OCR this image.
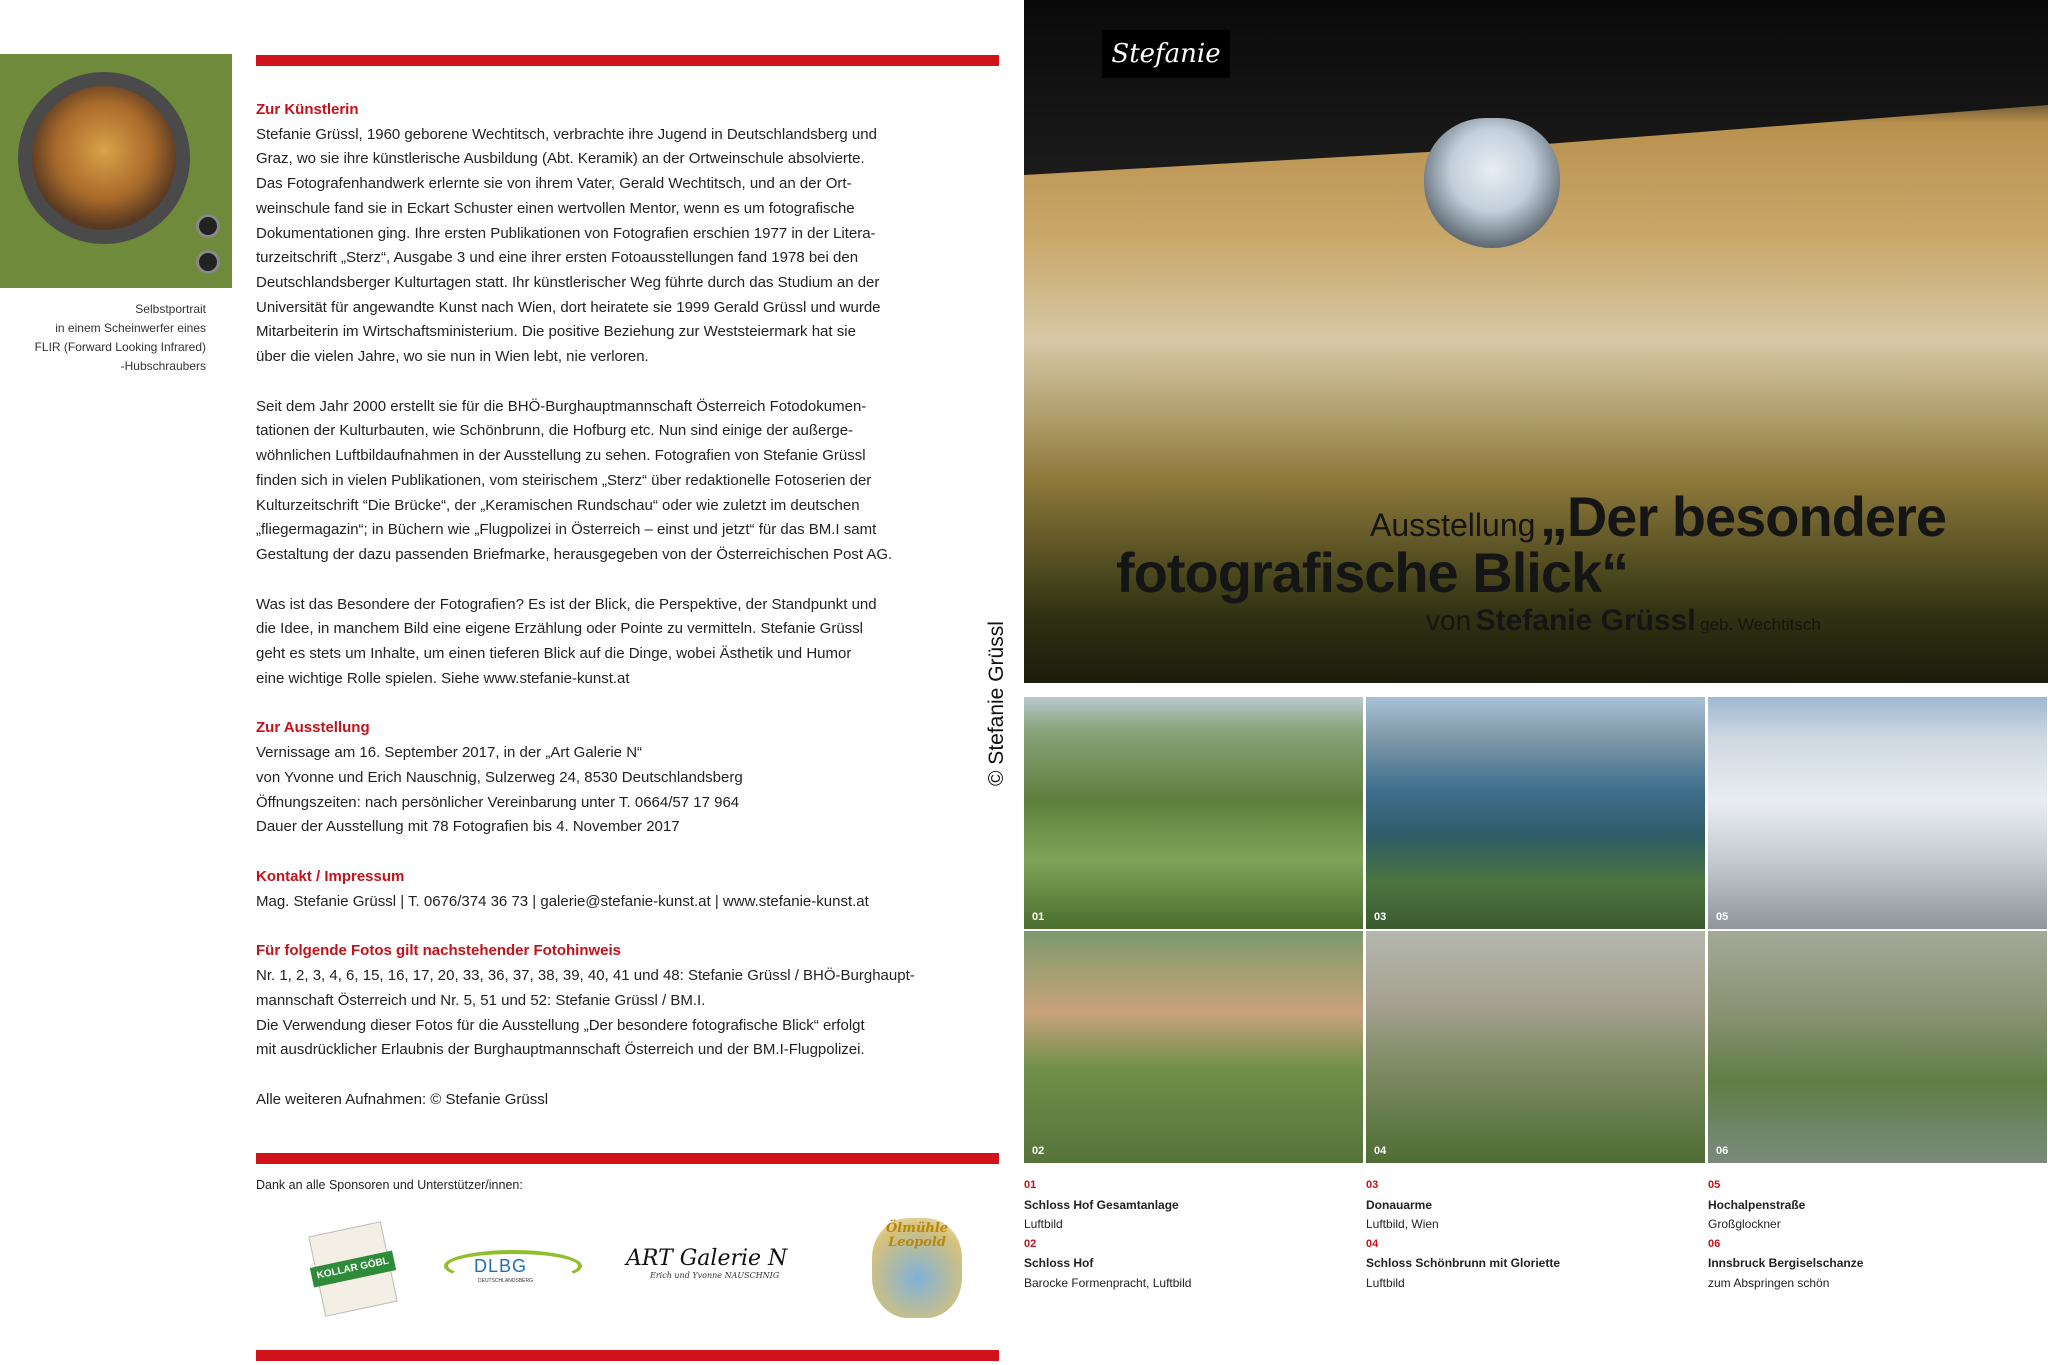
Selbstportrait
in einem Scheinwerfer eines
FLIR (Forward Looking Infrared)
-Hubschraubers
Zur Künstlerin

Stefanie Grüssl, 1960 geborene Wechtitsch, verbrachte ihre Jugend in Deutschlandsberg und

Graz, wo sie ihre künstlerische Ausbildung (Abt. Keramik) an der Ortweinschule absolvierte.

Das Fotografenhandwerk erlernte sie von ihrem Vater, Gerald Wechtitsch, und an der Ort-

weinschule fand sie in Eckart Schuster einen wertvollen Mentor, wenn es um fotografische

Dokumentationen ging. Ihre ersten Publikationen von Fotografien erschien 1977 in der Litera-

turzeitschrift „Sterz“, Ausgabe 3 und eine ihrer ersten Fotoausstellungen fand 1978 bei den

Deutschlandsberger Kulturtagen statt. Ihr künstlerischer Weg führte durch das Studium an der

Universität für angewandte Kunst nach Wien, dort heiratete sie 1999 Gerald Grüssl und wurde

Mitarbeiterin im Wirtschaftsministerium. Die positive Beziehung zur Weststeiermark hat sie

über die vielen Jahre, wo sie nun in Wien lebt, nie verloren.

Seit dem Jahr 2000 erstellt sie für die BHÖ-Burghauptmannschaft Österreich Fotodokumen-

tationen der Kulturbauten, wie Schönbrunn, die Hofburg etc. Nun sind einige der außerge-

wöhnlichen Luftbildaufnahmen in der Ausstellung zu sehen. Fotografien von Stefanie Grüssl

finden sich in vielen Publikationen, vom steirischem „Sterz“ über redaktionelle Fotoserien der

Kulturzeitschrift “Die Brücke“, der „Keramischen Rundschau“ oder wie zuletzt im deutschen

„fliegermagazin“; in Büchern wie „Flugpolizei in Österreich – einst und jetzt“ für das BM.I samt

Gestaltung der dazu passenden Briefmarke, herausgegeben von der Österreichischen Post AG.

Was ist das Besondere der Fotografien? Es ist der Blick, die Perspektive, der Standpunkt und

die Idee, in manchem Bild eine eigene Erzählung oder Pointe zu vermitteln. Stefanie Grüssl

geht es stets um Inhalte, um einen tieferen Blick auf die Dinge, wobei Ästhetik und Humor

eine wichtige Rolle spielen. Siehe www.stefanie-kunst.at

Zur Ausstellung

Vernissage am 16. September 2017, in der „Art Galerie N“

von Yvonne und Erich Nauschnig, Sulzerweg 24, 8530 Deutschlandsberg

Öffnungszeiten: nach persönlicher Vereinbarung unter T. 0664/57 17 964

Dauer der Ausstellung mit 78 Fotografien bis 4. November 2017

Kontakt / Impressum

Mag. Stefanie Grüssl | T. 0676/374 36 73 | galerie@stefanie-kunst.at | www.stefanie-kunst.at

Für folgende Fotos gilt nachstehender Fotohinweis

Nr. 1, 2, 3, 4, 6, 15, 16, 17, 20, 33, 36, 37, 38, 39, 40, 41 und 48: Stefanie Grüssl / BHÖ-Burghaupt-

mannschaft Österreich und Nr. 5, 51 und 52: Stefanie Grüssl / BM.I.

Die Verwendung dieser Fotos für die Ausstellung „Der besondere fotografische Blick“ erfolgt

mit ausdrücklicher Erlaubnis der Burghauptmannschaft Österreich und der BM.I-Flugpolizei.

Alle weiteren Aufnahmen: © Stefanie Grüssl

Dank an alle Sponsoren und Unterstützer/innen:
KOLLAR GÖBL	DLBG
DEUTSCHLANDSBERG
ART Galerie N
Erich und Yvonne NAUSCHNIG
Ölmühle Leopold
Stefanie
Ausstellung „Der besondere
fotografische Blick“
von Stefanie Grüssl geb. Wechtitsch
© Stefanie Grüssl
01	03	05
02	04	06
01
Schloss Hof Gesamtanlage
Luftbild
02
Schloss Hof
Barocke Formenpracht, Luftbild
03
Donauarme
Luftbild, Wien
04
Schloss Schönbrunn mit Gloriette
Luftbild
05
Hochalpenstraße
Großglockner
06
Innsbruck Bergiselschanze
zum Abspringen schön
